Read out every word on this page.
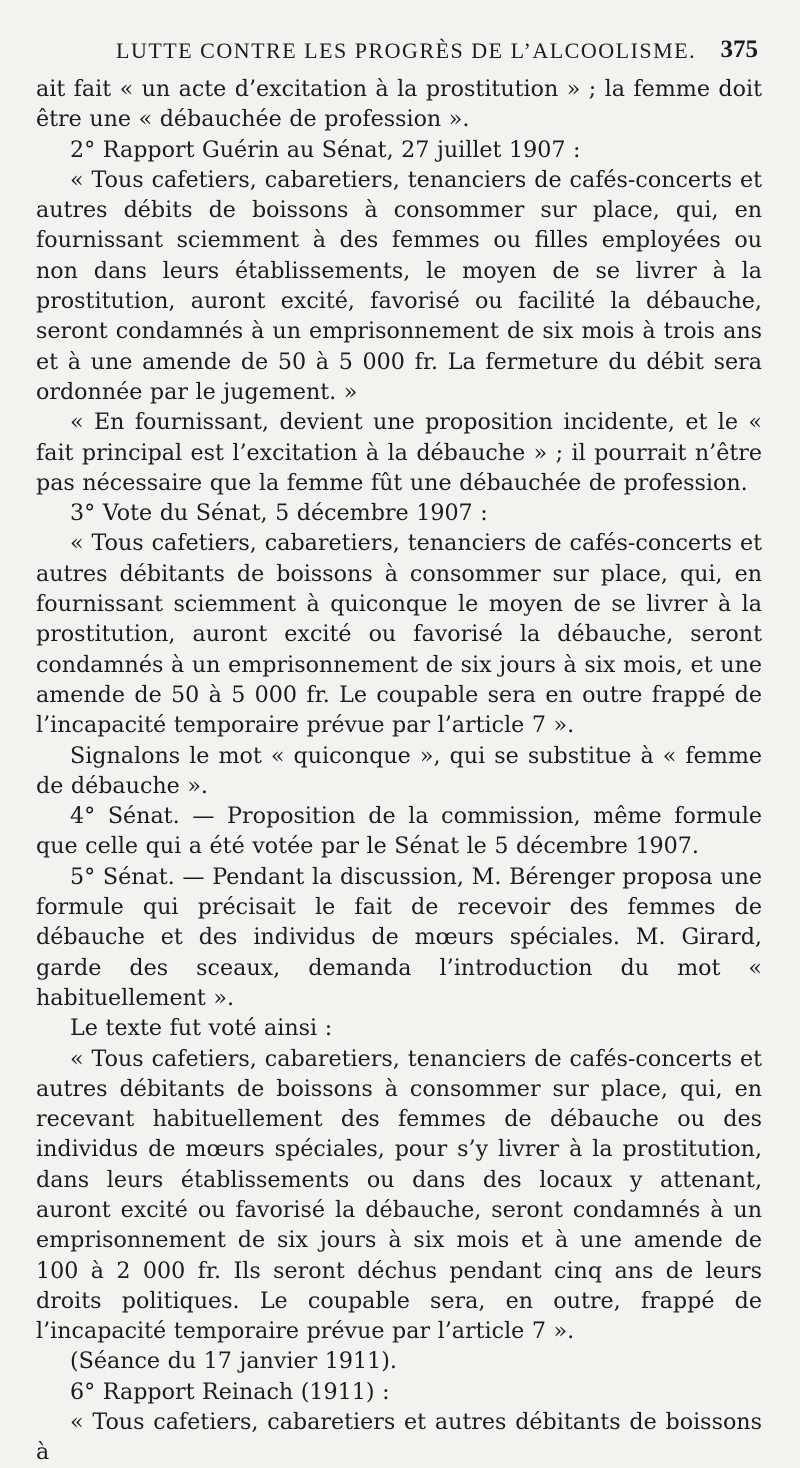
LUTTE CONTRE LES PROGRÈS DE L’ALCOOLISME. 375

ait fait « un acte d’excitation à la prostitution » ; la femme doit être une « débauchée de profession ».

2° Rapport Guérin au Sénat, 27 juillet 1907 :

« Tous cafetiers, cabaretiers, tenanciers de cafés-concerts et autres débits de boissons à consommer sur place, qui, en fournissant sciemment à des femmes ou filles employées ou non dans leurs établissements, le moyen de se livrer à la prostitution, auront excité, favorisé ou facilité la débauche, seront condamnés à un emprisonnement de six mois à trois ans et à une amende de 50 à 5 000 fr. La fermeture du débit sera ordonnée par le jugement. »

« En fournissant, devient une proposition incidente, et le « fait principal est l’excitation à la débauche » ; il pourrait n’être pas nécessaire que la femme fût une débauchée de profession.

3° Vote du Sénat, 5 décembre 1907 :

« Tous cafetiers, cabaretiers, tenanciers de cafés-concerts et autres débitants de boissons à consommer sur place, qui, en fournissant sciemment à quiconque le moyen de se livrer à la prostitution, auront excité ou favorisé la débauche, seront condamnés à un emprisonnement de six jours à six mois, et une amende de 50 à 5 000 fr. Le coupable sera en outre frappé de l’incapacité temporaire prévue par l’article 7 ».

Signalons le mot « quiconque », qui se substitue à « femme de débauche ».

4° Sénat. — Proposition de la commission, même formule que celle qui a été votée par le Sénat le 5 décembre 1907.

5° Sénat. — Pendant la discussion, M. Bérenger proposa une formule qui précisait le fait de recevoir des femmes de débauche et des individus de mœurs spéciales. M. Girard, garde des sceaux, demanda l’introduction du mot « habituellement ».

Le texte fut voté ainsi :

« Tous cafetiers, cabaretiers, tenanciers de cafés-concerts et autres débitants de boissons à consommer sur place, qui, en recevant habituellement des femmes de débauche ou des individus de mœurs spéciales, pour s’y livrer à la prostitution, dans leurs établissements ou dans des locaux y attenant, auront excité ou favorisé la débauche, seront condamnés à un emprisonnement de six jours à six mois et à une amende de 100 à 2 000 fr. Ils seront déchus pendant cinq ans de leurs droits politiques. Le coupable sera, en outre, frappé de l’incapacité temporaire prévue par l’article 7 ».

(Séance du 17 janvier 1911).

6° Rapport Reinach (1911) :

« Tous cafetiers, cabaretiers et autres débitants de boissons à
